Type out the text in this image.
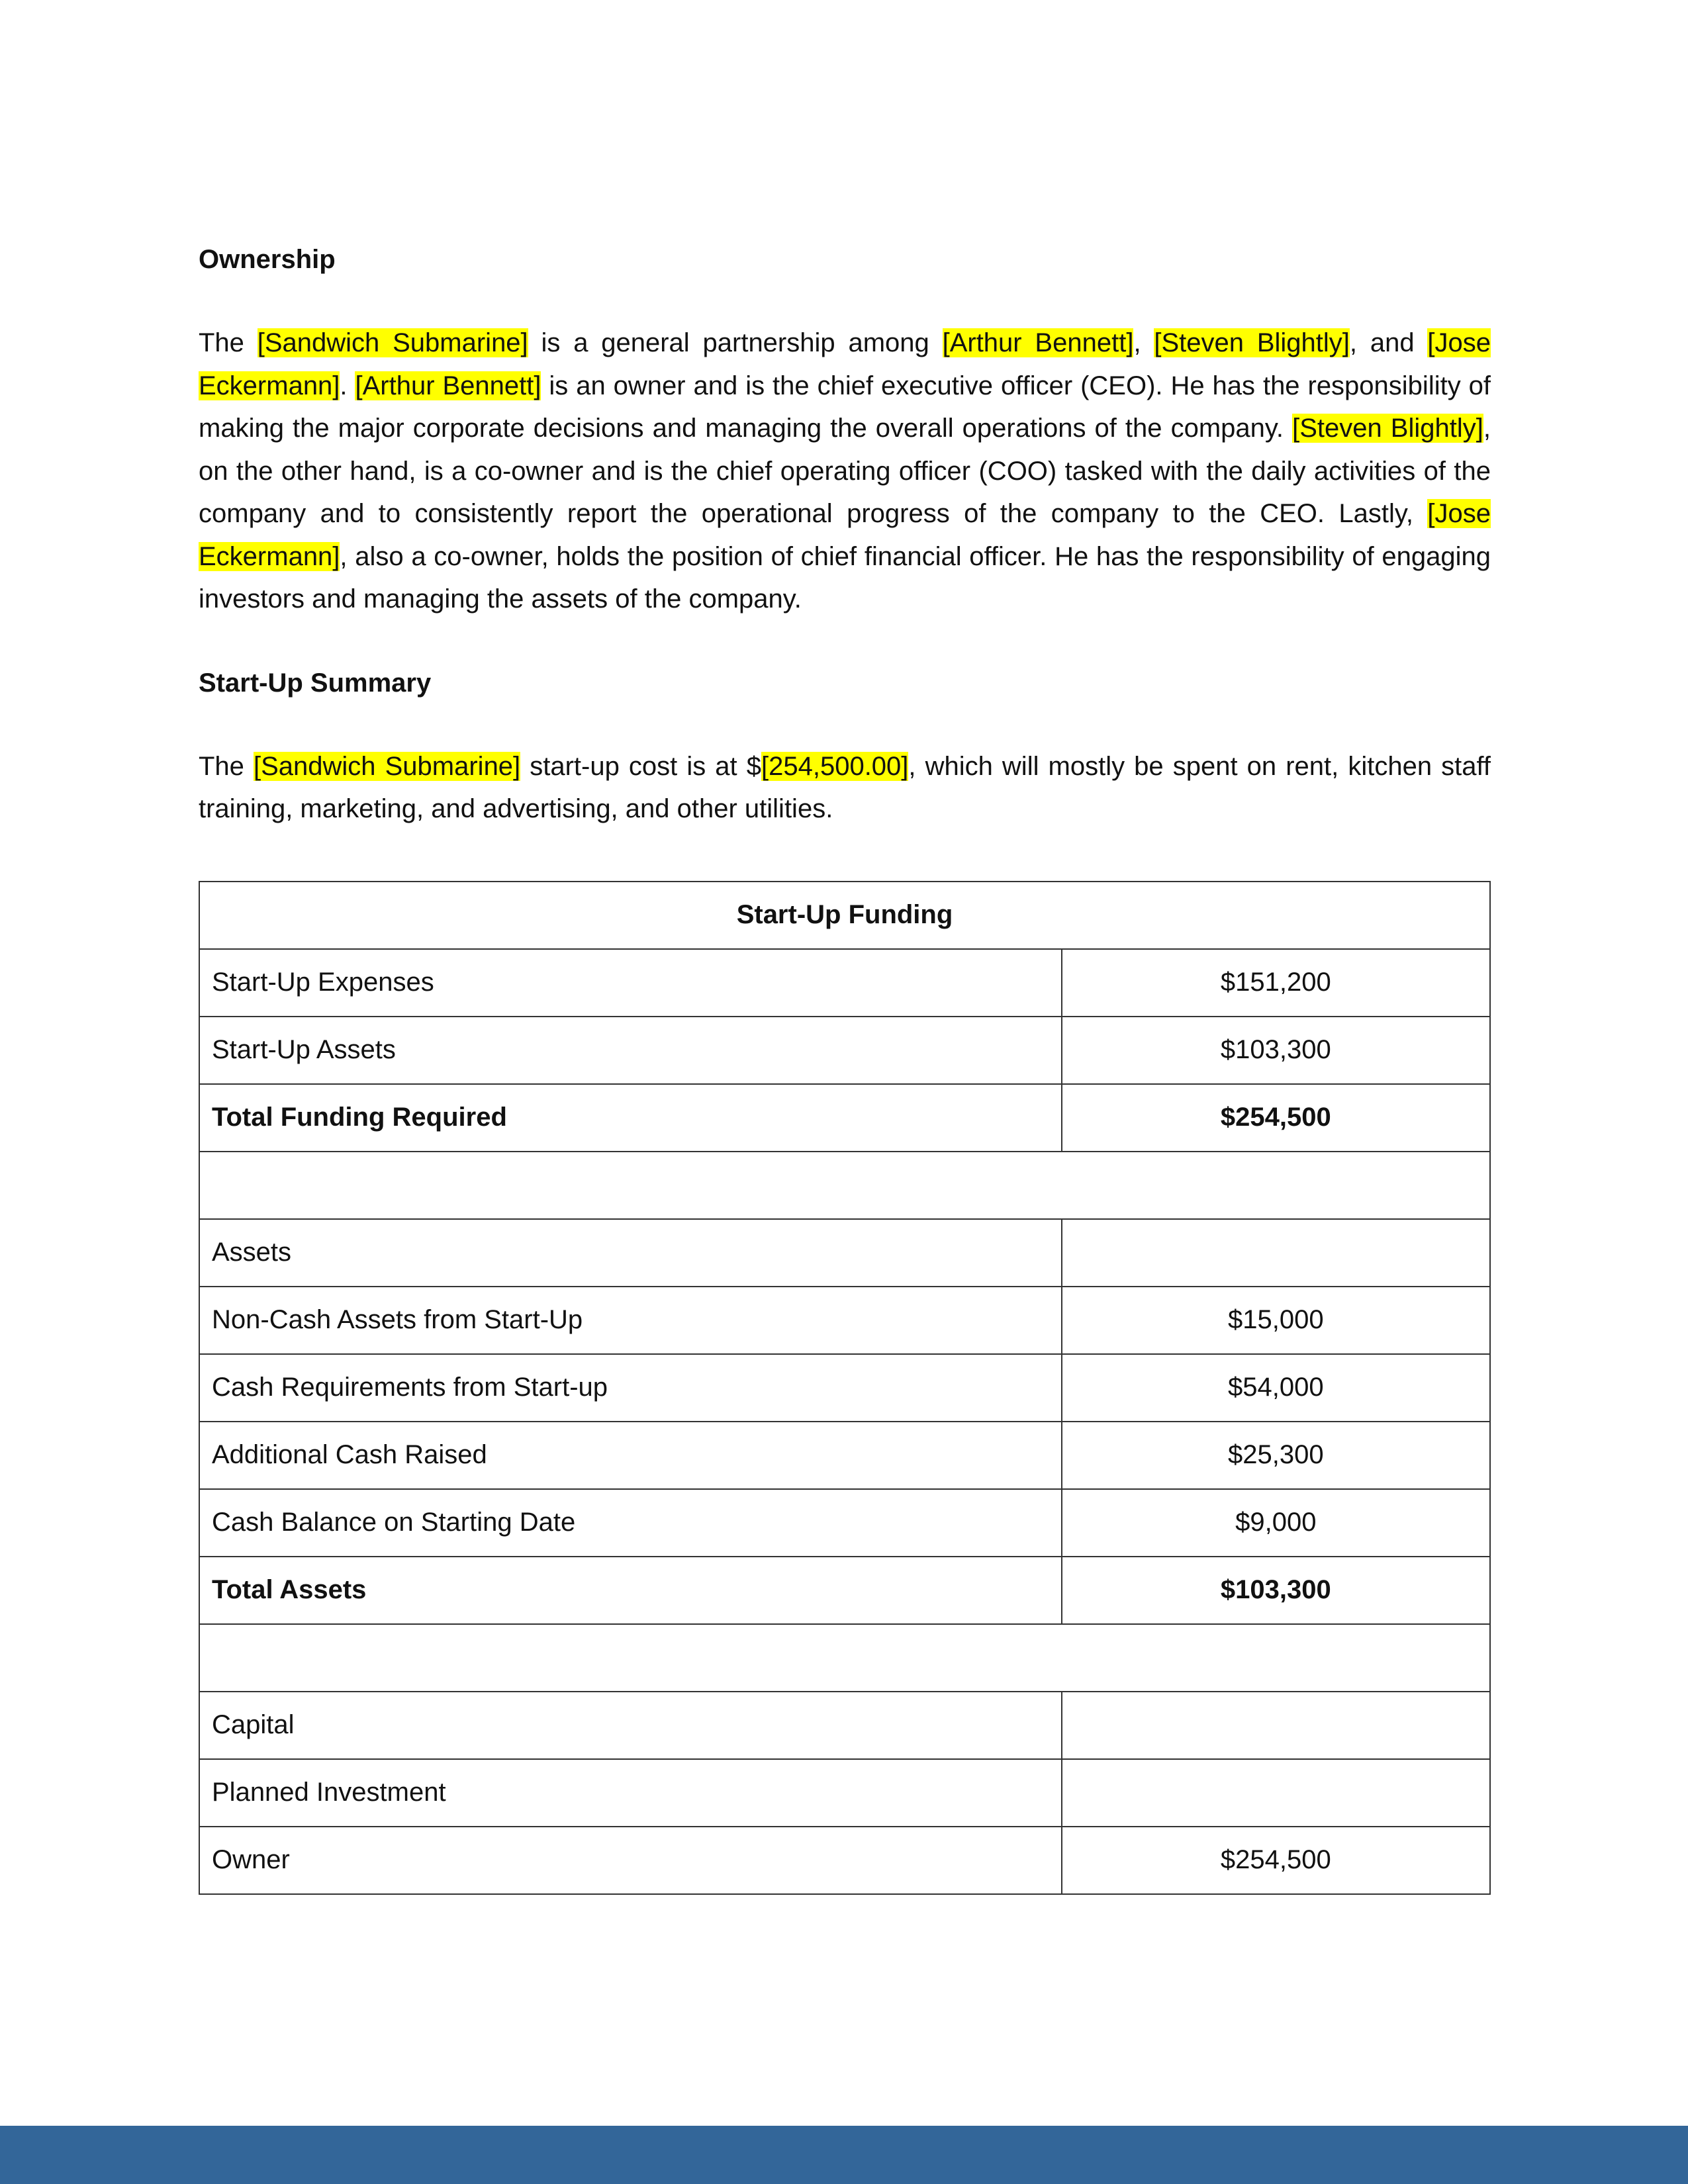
Ownership

The [Sandwich Submarine] is a general partnership among [Arthur Bennett], [Steven Blightly], and [Jose Eckermann]. [Arthur Bennett] is an owner and is the chief executive officer (CEO). He has the responsibility of making the major corporate decisions and managing the overall operations of the company. [Steven Blightly], on the other hand, is a co-owner and is the chief operating officer (COO) tasked with the daily activities of the company and to consistently report the operational progress of the company to the CEO. Lastly, [Jose Eckermann], also a co-owner, holds the position of chief financial officer. He has the responsibility of engaging investors and managing the assets of the company.

Start-Up Summary

The [Sandwich Submarine] start-up cost is at $[254,500.00], which will mostly be spent on rent, kitchen staff training, marketing, and advertising, and other utilities.

Start-Up Funding	
Start-Up Expenses	$151,200
Start-Up Assets	$103,300
Total Funding Required	$254,500

Assets	
Non-Cash Assets from Start-Up	$15,000
Cash Requirements from Start-up	$54,000
Additional Cash Raised	$25,300
Cash Balance on Starting Date	$9,000
Total Assets	$103,300

Capital	
Planned Investment	
Owner	$254,500
